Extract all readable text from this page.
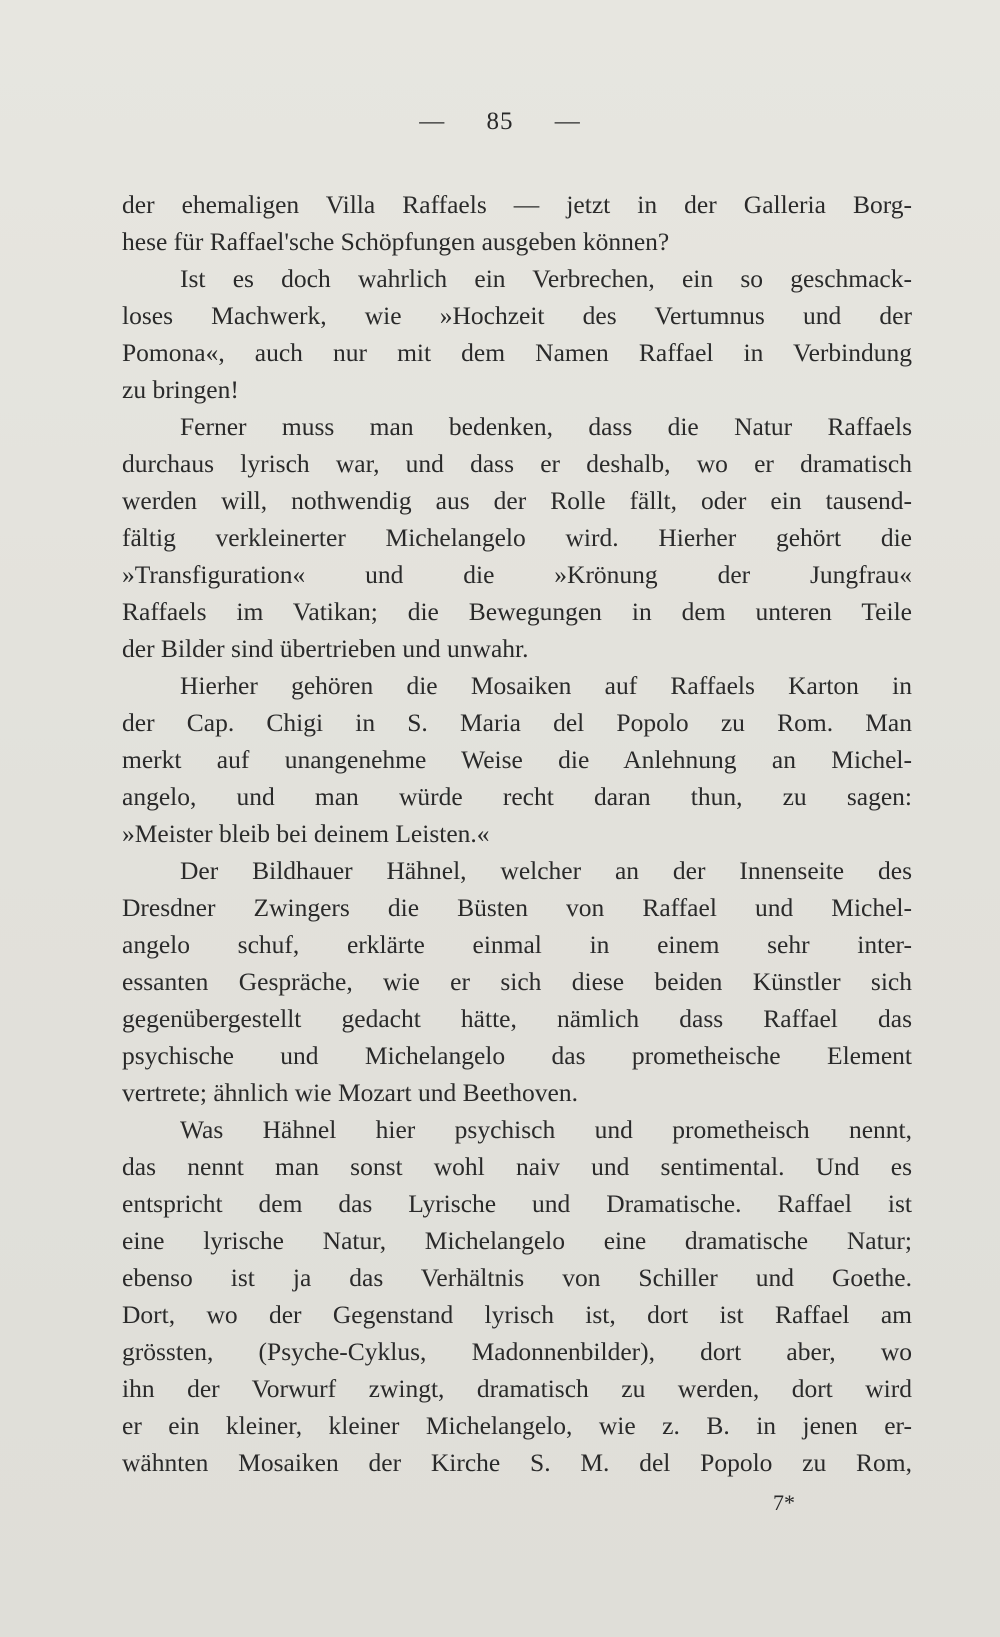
— 85 —
der ehemaligen Villa Raffaels — jetzt in der Galleria Borg-
hese für Raffael'sche Schöpfungen ausgeben können?
Ist es doch wahrlich ein Verbrechen, ein so geschmack-
loses Machwerk, wie »Hochzeit des Vertumnus und der
Pomona«, auch nur mit dem Namen Raffael in Verbindung
zu bringen!
Ferner muss man bedenken, dass die Natur Raffaels
durchaus lyrisch war, und dass er deshalb, wo er dramatisch
werden will, nothwendig aus der Rolle fällt, oder ein tausend-
fältig verkleinerter Michelangelo wird. Hierher gehört die
»Transfiguration« und die »Krönung der Jungfrau«
Raffaels im Vatikan; die Bewegungen in dem unteren Teile
der Bilder sind übertrieben und unwahr.
Hierher gehören die Mosaiken auf Raffaels Karton in
der Cap. Chigi in S. Maria del Popolo zu Rom. Man
merkt auf unangenehme Weise die Anlehnung an Michel-
angelo, und man würde recht daran thun, zu sagen:
»Meister bleib bei deinem Leisten.«
Der Bildhauer Hähnel, welcher an der Innenseite des
Dresdner Zwingers die Büsten von Raffael und Michel-
angelo schuf, erklärte einmal in einem sehr inter-
essanten Gespräche, wie er sich diese beiden Künstler sich
gegenübergestellt gedacht hätte, nämlich dass Raffael das
psychische und Michelangelo das prometheische Element
vertrete; ähnlich wie Mozart und Beethoven.
Was Hähnel hier psychisch und prometheisch nennt,
das nennt man sonst wohl naiv und sentimental. Und es
entspricht dem das Lyrische und Dramatische. Raffael ist
eine lyrische Natur, Michelangelo eine dramatische Natur;
ebenso ist ja das Verhältnis von Schiller und Goethe.
Dort, wo der Gegenstand lyrisch ist, dort ist Raffael am
grössten, (Psyche-Cyklus, Madonnenbilder), dort aber, wo
ihn der Vorwurf zwingt, dramatisch zu werden, dort wird
er ein kleiner, kleiner Michelangelo, wie z. B. in jenen er-
wähnten Mosaiken der Kirche S. M. del Popolo zu Rom,
7*
